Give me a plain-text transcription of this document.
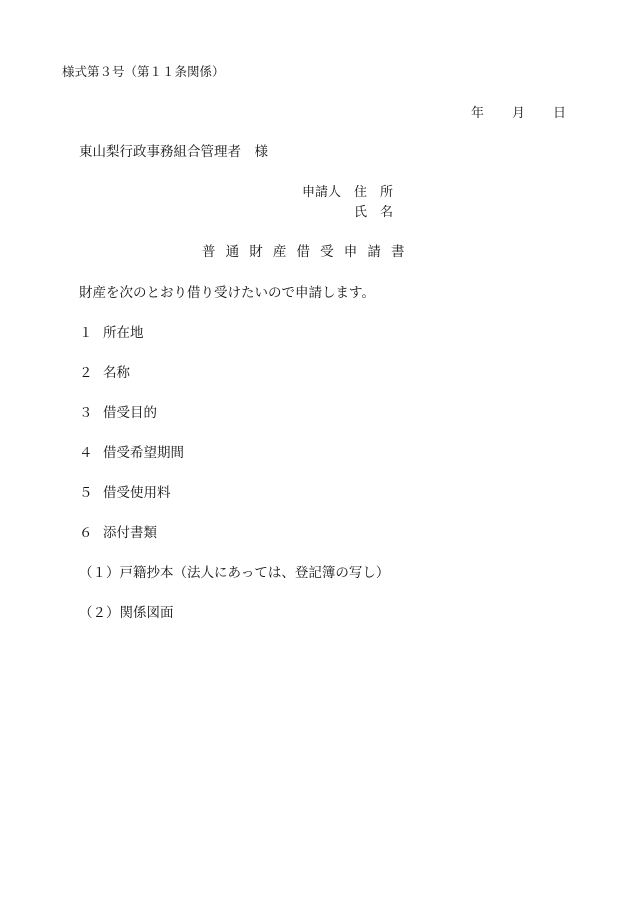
様式第３号（第１１条関係）
年 月 日
東山梨行政事務組合管理者　様
申請人 住　所
氏　名
普通財産借受申請書
財産を次のとおり借り受けたいので申請します。
１ 所在地
２ 名称
３ 借受目的
４ 借受希望期間
５ 借受使用料
６ 添付書類
（１）戸籍抄本（法人にあっては、登記簿の写し）
（２）関係図面
